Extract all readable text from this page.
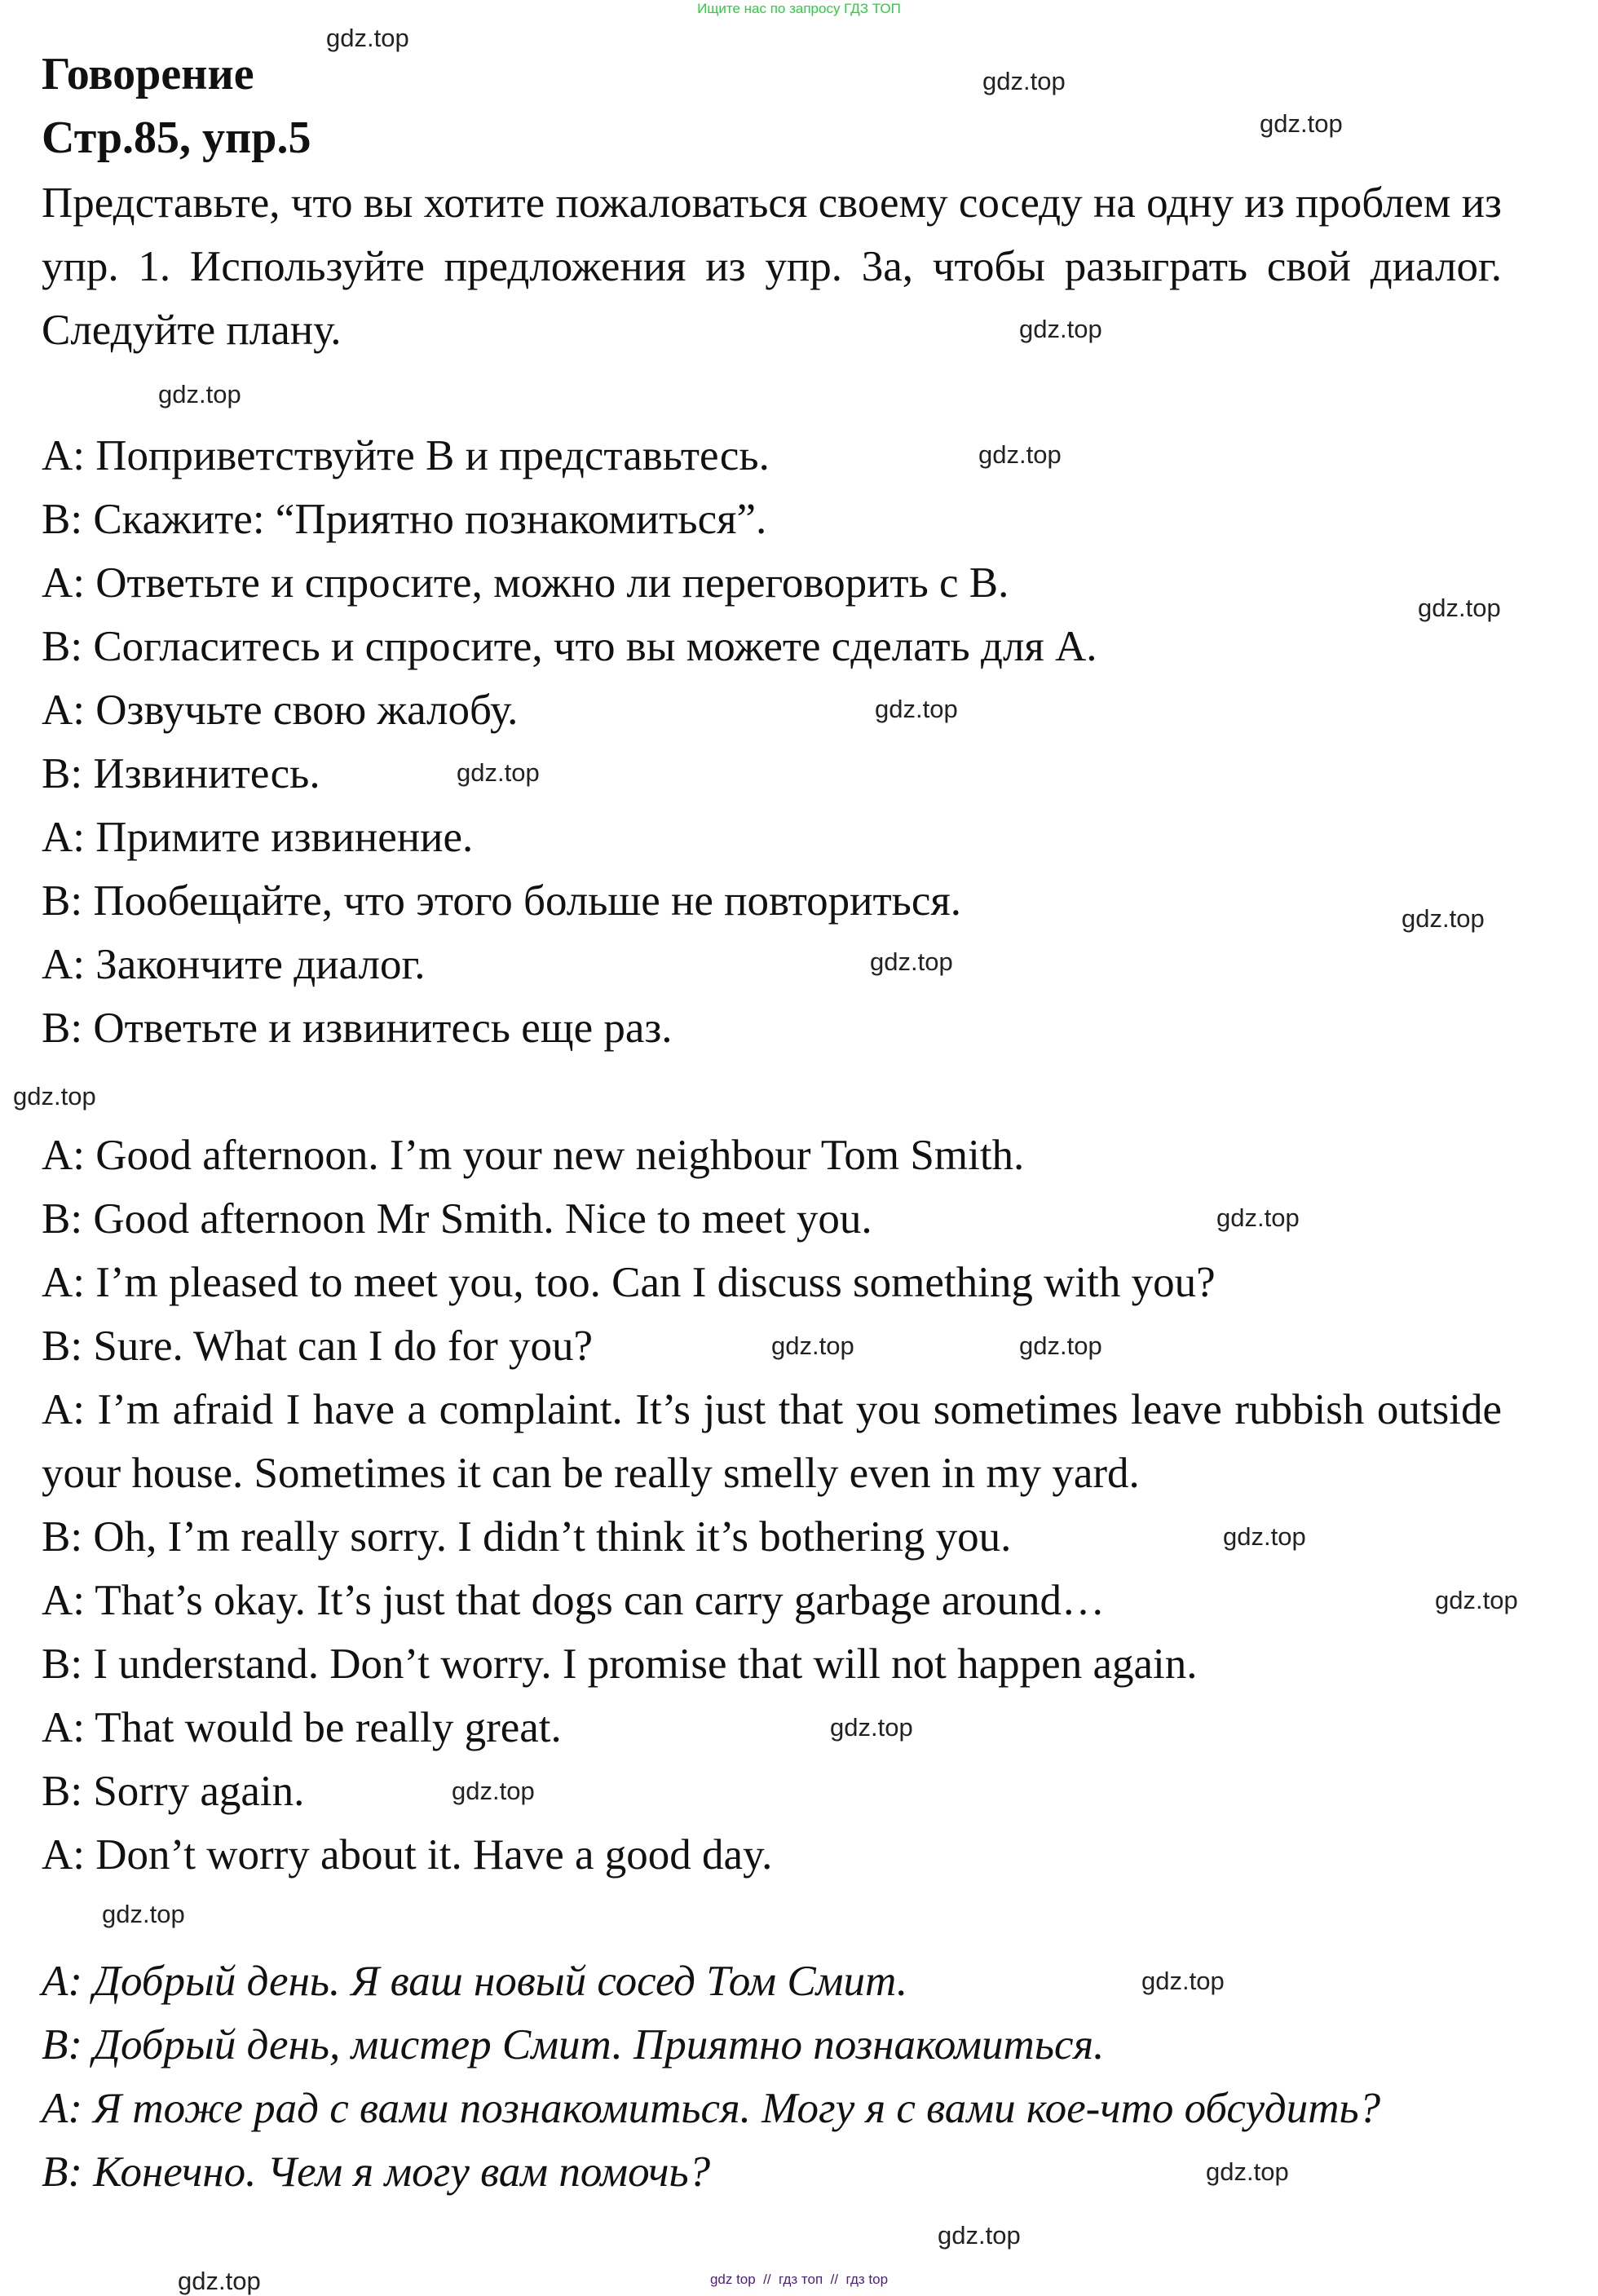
Ищите нас по запросу ГДЗ ТОП
Говорение
Стр.85, упр.5
Представьте, что вы хотите пожаловаться своему соседу на одну из проблем из упр. 1. Используйте предложения из упр. 3a, чтобы разыграть свой диалог. Следуйте плану.
A: Поприветствуйте B и представьтесь.
B: Скажите: “Приятно познакомиться”.
A: Ответьте и спросите, можно ли переговорить с B.
B: Согласитесь и спросите, что вы можете сделать для A.
A: Озвучьте свою жалобу.
B: Извинитесь.
A: Примите извинение.
B: Пообещайте, что этого больше не повториться.
A: Закончите диалог.
B: Ответьте и извинитесь еще раз.
A: Good afternoon. I’m your new neighbour Tom Smith.
B: Good afternoon Mr Smith. Nice to meet you.
A: I’m pleased to meet you, too. Can I discuss something with you?
B: Sure. What can I do for you?
A: I’m afraid I have a complaint. It’s just that you sometimes leave rubbish outside your house. Sometimes it can be really smelly even in my yard.
B: Oh, I’m really sorry. I didn’t think it’s bothering you.
A: That’s okay. It’s just that dogs can carry garbage around…
B: I understand. Don’t worry. I promise that will not happen again.
A: That would be really great.
B: Sorry again.
A: Don’t worry about it. Have a good day.
A: Добрый день. Я ваш новый сосед Том Смит.
B: Добрый день, мистер Смит. Приятно познакомиться.
A: Я тоже рад с вами познакомиться. Могу я с вами кое-что обсудить?
B: Конечно. Чем я могу вам помочь?
gdz.top
gdz.top
gdz.top
gdz.top
gdz.top
gdz.top
gdz.top
gdz.top
gdz.top
gdz.top
gdz.top
gdz.top
gdz.top
gdz.top	gdz.top
gdz.top
gdz.top
gdz.top
gdz.top
gdz.top
gdz.top
gdz.top
gdz.top
gdz.top	gdz top  //  гдз топ  //  гдз top
